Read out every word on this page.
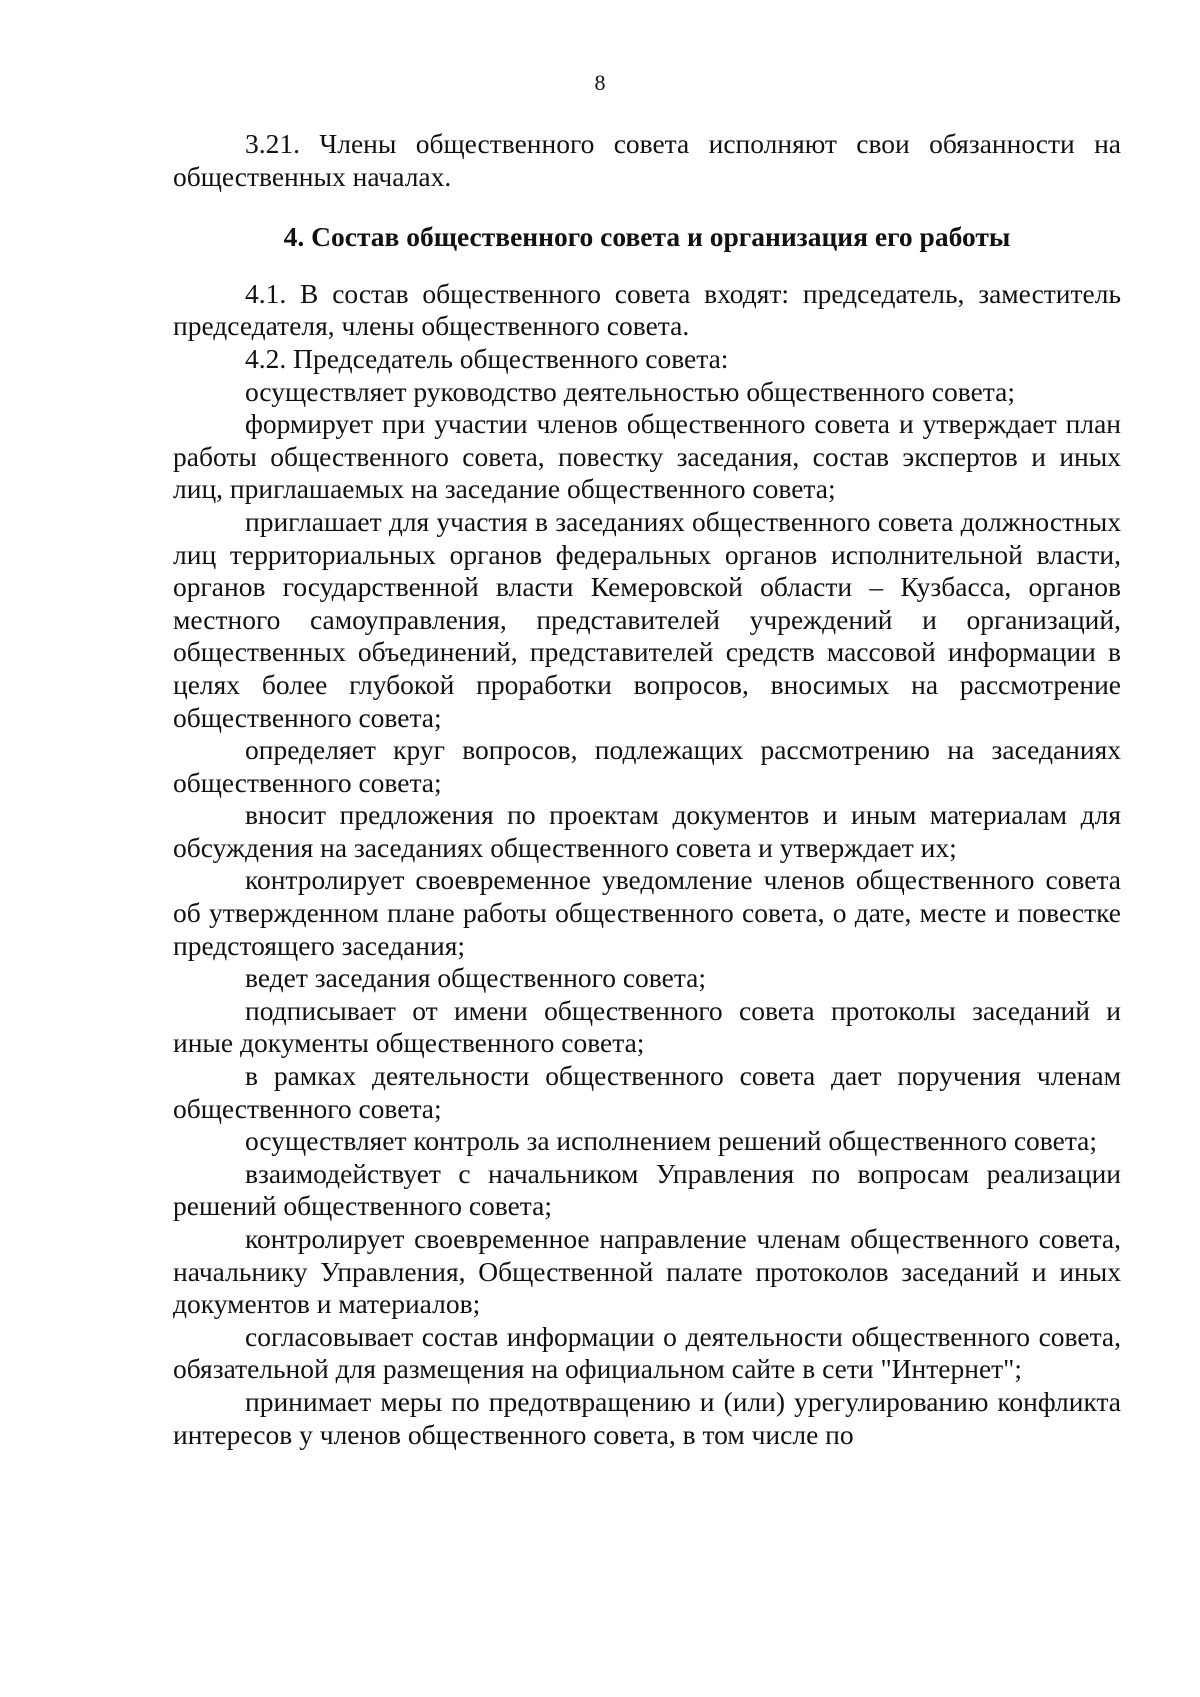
8

3.21. Члены общественного совета исполняют свои обязанности на общественных началах.

4. Состав общественного совета и организация его работы

4.1. В состав общественного совета входят: председатель, заместитель председателя, члены общественного совета.

4.2. Председатель общественного совета:

осуществляет руководство деятельностью общественного совета;

формирует при участии членов общественного совета и утверждает план работы общественного совета, повестку заседания, состав экспертов и иных лиц, приглашаемых на заседание общественного совета;

приглашает для участия в заседаниях общественного совета должностных лиц территориальных органов федеральных органов исполнительной власти, органов государственной власти Кемеровской области – Кузбасса, органов местного самоуправления, представителей учреждений и организаций, общественных объединений, представителей средств массовой информации в целях более глубокой проработки вопросов, вносимых на рассмотрение общественного совета;

определяет круг вопросов, подлежащих рассмотрению на заседаниях общественного совета;

вносит предложения по проектам документов и иным материалам для обсуждения на заседаниях общественного совета и утверждает их;

контролирует своевременное уведомление членов общественного совета об утвержденном плане работы общественного совета, о дате, месте и повестке предстоящего заседания;

ведет заседания общественного совета;

подписывает от имени общественного совета протоколы заседаний и иные документы общественного совета;

в рамках деятельности общественного совета дает поручения членам общественного совета;

осуществляет контроль за исполнением решений общественного совета;

взаимодействует с начальником Управления по вопросам реализации решений общественного совета;

контролирует своевременное направление членам общественного совета, начальнику Управления, Общественной палате протоколов заседаний и иных документов и материалов;

согласовывает состав информации о деятельности общественного совета, обязательной для размещения на официальном сайте в сети "Интернет";

принимает меры по предотвращению и (или) урегулированию конфликта интересов у членов общественного совета, в том числе по
